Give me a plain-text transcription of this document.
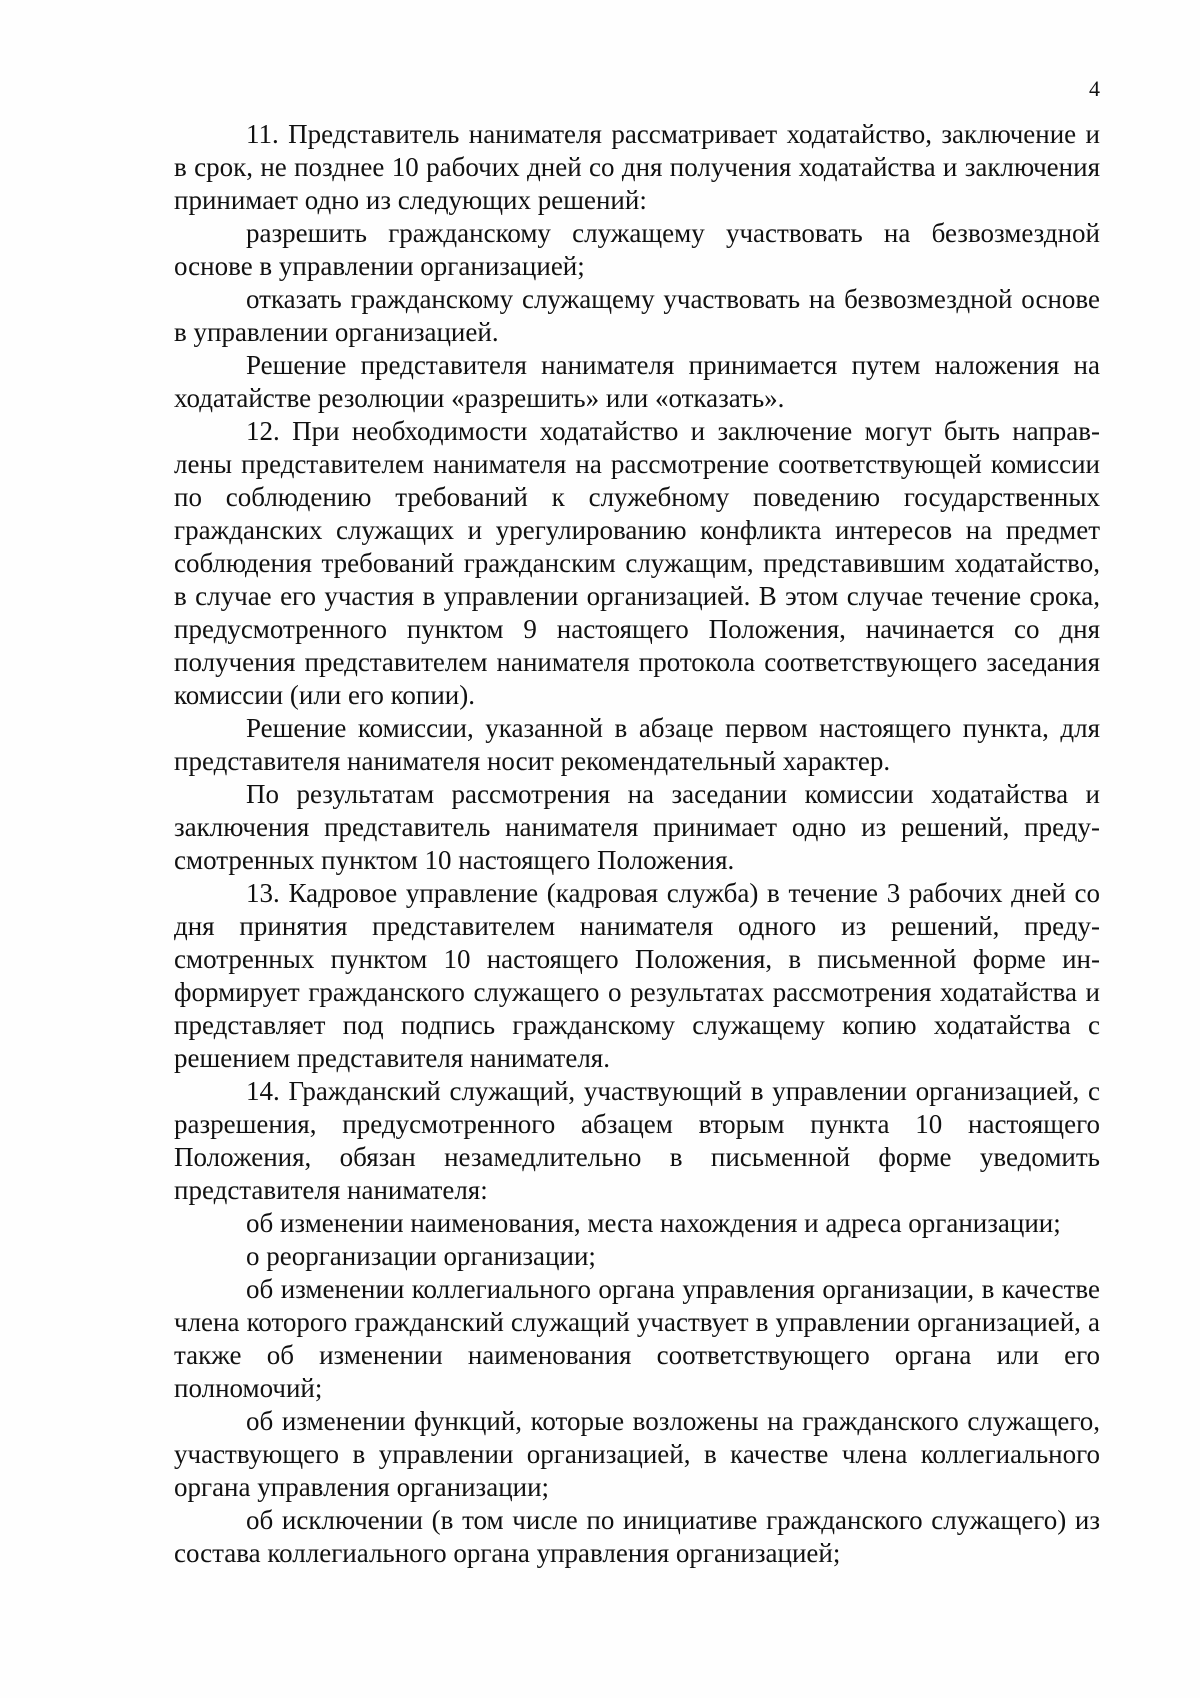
4

11. Представитель нанимателя рассматривает ходатайство, заключение и в срок, не позднее 10 рабочих дней со дня получения ходатайства и заключения принимает одно из следующих решений:

разрешить гражданскому служащему участвовать на безвозмездной основе в управлении организацией;

отказать гражданскому служащему участвовать на безвозмездной основе в управлении организацией.

Решение представителя нанимателя принимается путем наложения на ходатайстве резолюции «разрешить» или «отказать».

12. При необходимости ходатайство и заключение могут быть направлены представителем нанимателя на рассмотрение соответствующей комиссии по соблюдению требований к служебному поведению государственных гражданских служащих и урегулированию конфликта интересов на предмет соблюдения требований гражданским служащим, представившим ходатайство, в случае его участия в управлении организацией. В этом случае течение срока, предусмотренного пунктом 9 настоящего Положения, начинается со дня получения представителем нанимателя протокола соответствующего заседания комиссии (или его копии).

Решение комиссии, указанной в абзаце первом настоящего пункта, для представителя нанимателя носит рекомендательный характер.

По результатам рассмотрения на заседании комиссии ходатайства и заключения представитель нанимателя принимает одно из решений, предусмотренных пунктом 10 настоящего Положения.

13. Кадровое управление (кадровая служба) в течение 3 рабочих дней со дня принятия представителем нанимателя одного из решений, предусмотренных пунктом 10 настоящего Положения, в письменной форме информирует гражданского служащего о результатах рассмотрения ходатайства и представляет под подпись гражданскому служащему копию ходатайства с решением представителя нанимателя.

14. Гражданский служащий, участвующий в управлении организацией, с разрешения, предусмотренного абзацем вторым пункта 10 настоящего Положения, обязан незамедлительно в письменной форме уведомить представителя нанимателя:

об изменении наименования, места нахождения и адреса организации;

о реорганизации организации;

об изменении коллегиального органа управления организации, в качестве члена которого гражданский служащий участвует в управлении организацией, а также об изменении наименования соответствующего органа или его полномочий;

об изменении функций, которые возложены на гражданского служащего, участвующего в управлении организацией, в качестве члена коллегиального органа управления организации;

об исключении (в том числе по инициативе гражданского служащего) из состава коллегиального органа управления организацией;
